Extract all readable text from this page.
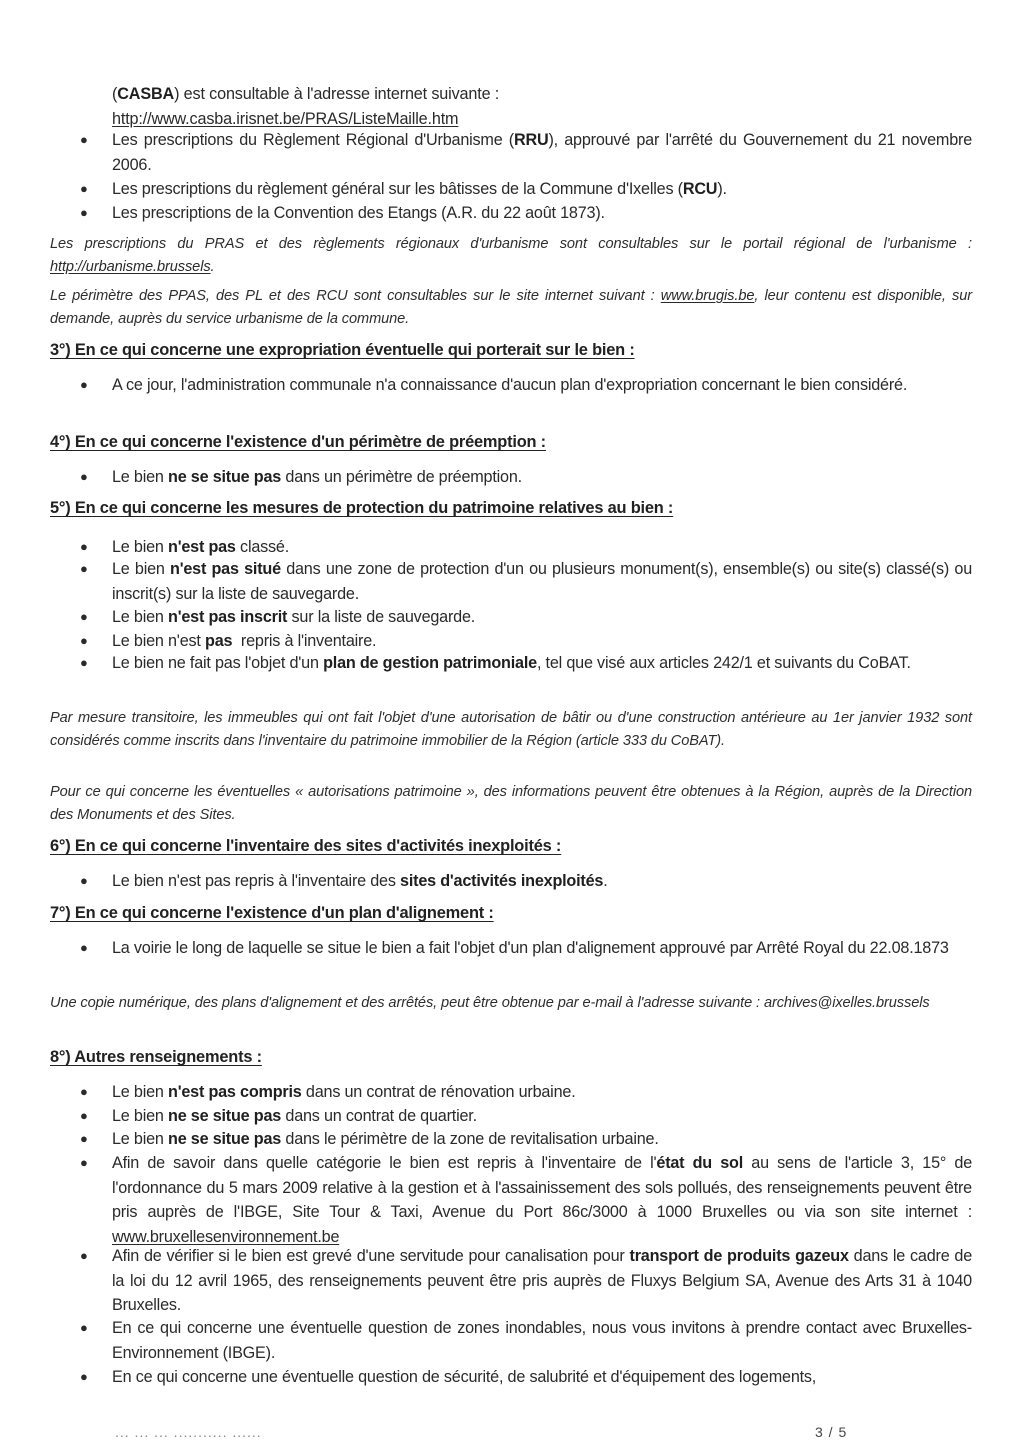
(CASBA) est consultable à l'adresse internet suivante :
http://www.casba.irisnet.be/PRAS/ListeMaille.htm
●	Les prescriptions du Règlement Régional d'Urbanisme (RRU), approuvé par l'arrêté du Gouvernement du 21 novembre 2006.
●	Les prescriptions du règlement général sur les bâtisses de la Commune d'Ixelles (RCU).
●	Les prescriptions de la Convention des Etangs (A.R. du 22 août 1873).
Les prescriptions du PRAS et des règlements régionaux d'urbanisme sont consultables sur le portail régional de l'urbanisme : http://urbanisme.brussels.
Le périmètre des PPAS, des PL et des RCU sont consultables sur le site internet suivant : www.brugis.be, leur contenu est disponible, sur demande, auprès du service urbanisme de la commune.
3°) En ce qui concerne une expropriation éventuelle qui porterait sur le bien :
●	A ce jour, l'administration communale n'a connaissance d'aucun plan d'expropriation concernant le bien considéré.
4°) En ce qui concerne l'existence d'un périmètre de préemption :
●	Le bien ne se situe pas dans un périmètre de préemption.
5°) En ce qui concerne les mesures de protection du patrimoine relatives au bien :
●	Le bien n'est pas classé.
●	Le bien n'est pas situé dans une zone de protection d'un ou plusieurs monument(s), ensemble(s) ou site(s) classé(s) ou inscrit(s) sur la liste de sauvegarde.
●	Le bien n'est pas inscrit sur la liste de sauvegarde.
●	Le bien n'est pas  repris à l'inventaire.
●	Le bien ne fait pas l'objet d'un plan de gestion patrimoniale, tel que visé aux articles 242/1 et suivants du CoBAT.
Par mesure transitoire, les immeubles qui ont fait l'objet d'une autorisation de bâtir ou d'une construction antérieure au 1er janvier 1932 sont considérés comme inscrits dans l'inventaire du patrimoine immobilier de la Région (article 333 du CoBAT).
Pour ce qui concerne les éventuelles « autorisations patrimoine », des informations peuvent être obtenues à la Région, auprès de la Direction des Monuments et des Sites.
6°) En ce qui concerne l'inventaire des sites d'activités inexploités :
●	Le bien n'est pas repris à l'inventaire des sites d'activités inexploités.
7°) En ce qui concerne l'existence d'un plan d'alignement :
●	La voirie le long de laquelle se situe le bien a fait l'objet d'un plan d'alignement approuvé par Arrêté Royal du 22.08.1873
Une copie numérique, des plans d'alignement et des arrêtés, peut être obtenue par e-mail à l'adresse suivante : archives@ixelles.brussels
8°) Autres renseignements :
●	Le bien n'est pas compris dans un contrat de rénovation urbaine.
●	Le bien ne se situe pas dans un contrat de quartier.
●	Le bien ne se situe pas dans le périmètre de la zone de revitalisation urbaine.
●	Afin de savoir dans quelle catégorie le bien est repris à l'inventaire de l'état du sol au sens de l'article 3, 15° de l'ordonnance du 5 mars 2009 relative à la gestion et à l'assainissement des sols pollués, des renseignements peuvent être pris auprès de l'IBGE, Site Tour & Taxi, Avenue du Port 86c/3000 à 1000 Bruxelles ou via son site internet : www.bruxellesenvironnement.be
●	Afin de vérifier si le bien est grevé d'une servitude pour canalisation pour transport de produits gazeux dans le cadre de la loi du 12 avril 1965, des renseignements peuvent être pris auprès de Fluxys Belgium SA, Avenue des Arts 31 à 1040 Bruxelles.
●	En ce qui concerne une éventuelle question de zones inondables, nous vous invitons à prendre contact avec Bruxelles-Environnement (IBGE).
●	En ce qui concerne une éventuelle question de sécurité, de salubrité et d'équipement des logements,
... ... ... ........... ......	3 / 5
